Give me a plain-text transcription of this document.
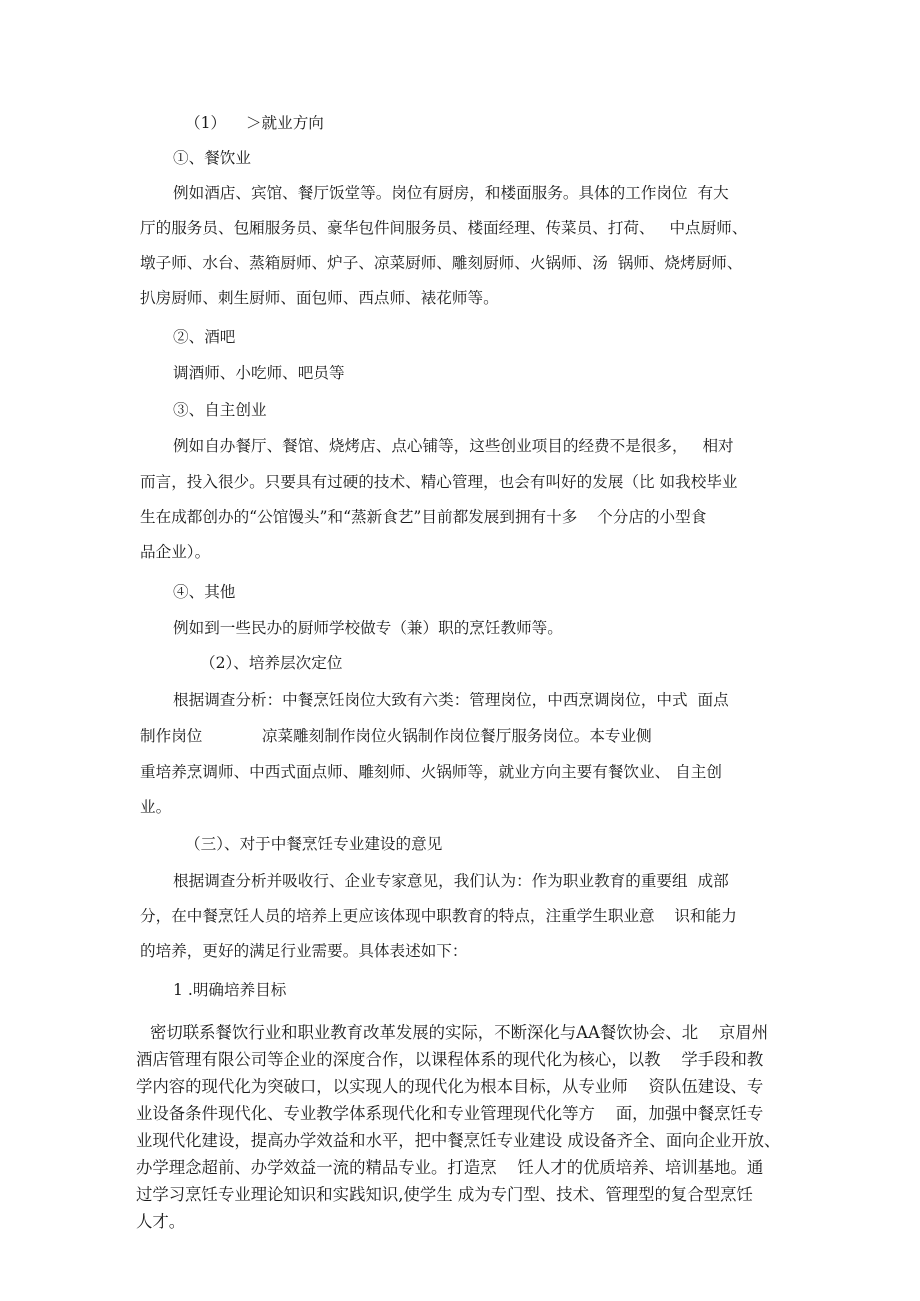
（1）    ＞就业方向
①、餐饮业
例如酒店、宾馆、餐厅饭堂等。岗位有厨房，和楼面服务。具体的工作岗位  有大
厅的服务员、包厢服务员、豪华包件间服务员、楼面经理、传菜员、打荷、   中点厨师、
墩子师、水台、蒸箱厨师、炉子、凉菜厨师、雕刻厨师、火锅师、汤  锅师、烧烤厨师、
扒房厨师、刺生厨师、面包师、西点师、裱花师等。
②、酒吧
调酒师、小吃师、吧员等
③、自主创业
例如自办餐厅、餐馆、烧烤店、点心铺等，这些创业项目的经费不是很多，   相对
而言，投入很少。只要具有过硬的技术、精心管理，也会有叫好的发展（比 如我校毕业
生在成都创办的“公馆馒头”和“蒸新食艺”目前都发展到拥有十多    个分店的小型食
品企业）。
④、其他
例如到一些民办的厨师学校做专（兼）职的烹饪教师等。
（2）、培养层次定位
根据调查分析：中餐烹饪岗位大致有六类：管理岗位，中西烹调岗位，中式  面点
制作岗位            凉菜雕刻制作岗位火锅制作岗位餐厅服务岗位。本专业侧
重培养烹调师、中西式面点师、雕刻师、火锅师等，就业方向主要有餐饮业、 自主创
业。
（三）、对于中餐烹饪专业建设的意见
根据调查分析并吸收行、企业专家意见，我们认为：作为职业教育的重要组  成部
分，在中餐烹饪人员的培养上更应该体现中职教育的特点，注重学生职业意    识和能力
的培养，更好的满足行业需要。具体表述如下：
1 .明确培养目标
密切联系餐饮行业和职业教育改革发展的实际，不断深化与AA餐饮协会、北    京眉州
酒店管理有限公司等企业的深度合作，以课程体系的现代化为核心，以教    学手段和教
学内容的现代化为突破口，以实现人的现代化为根本目标，从专业师    资队伍建设、专
业设备条件现代化、专业教学体系现代化和专业管理现代化等方    面，加强中餐烹饪专
业现代化建设，提高办学效益和水平，把中餐烹饪专业建设 成设备齐全、面向企业开放、
办学理念超前、办学效益一流的精品专业。打造烹    饪人才的优质培养、培训基地。通
过学习烹饪专业理论知识和实践知识,使学生 成为专门型、技术、管理型的复合型烹饪
人才。
